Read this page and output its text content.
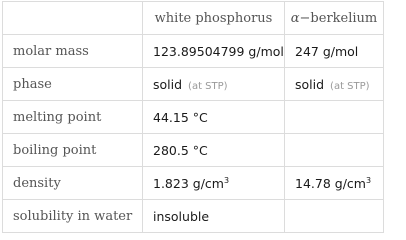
	white phosphorus	α−berkelium
molar mass	123.89504799 g/mol	247 g/mol
phase	solid (at STP)	solid (at STP)
melting point	44.15 °C	
boiling point	280.5 °C	
density	1.823 $g/cm^3$	14.78 $g/cm^3$
solubility in water	insoluble	
